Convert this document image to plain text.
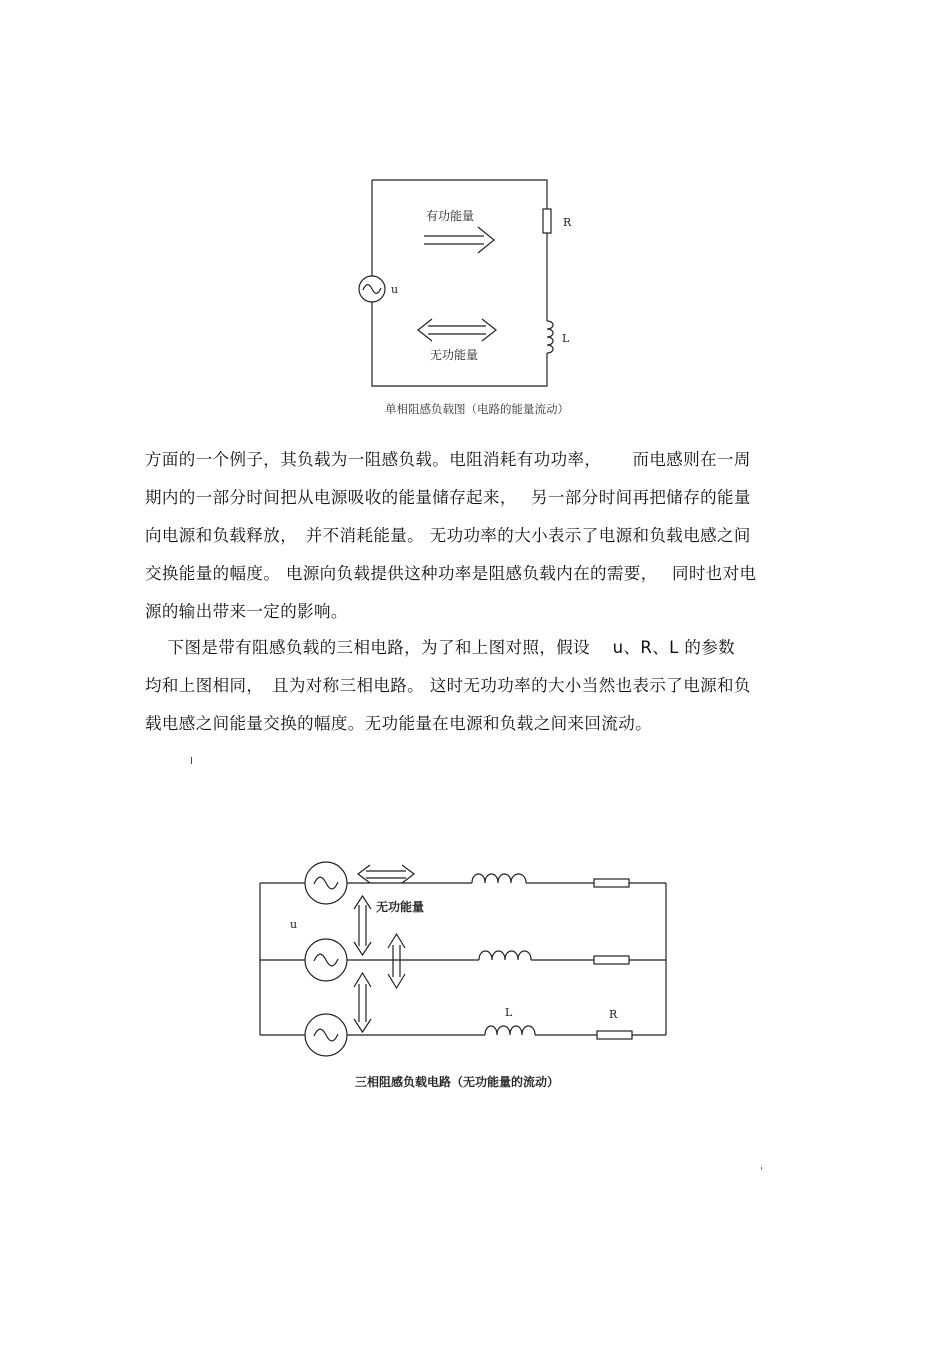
有功能量
无功能量
u
R
L
单相阻感负载图（电路的能量流动）

方面的一个例子，其负载为一阻感负载。电阻消耗有功功率，　　 而电感则在一周
期内的一部分时间把从电源吸收的能量储存起来，　 另一部分时间再把储存的能量
向电源和负载释放，　并不消耗能量。 无功功率的大小表示了电源和负载电感之间
交换能量的幅度。 电源向负载提供这种功率是阻感负载内在的需要，　 同时也对电
源的输出带来一定的影响。

　 下图是带有阻感负载的三相电路，为了和上图对照，假设　 u、R、L 的参数
均和上图相同，　且为对称三相电路。 这时无功功率的大小当然也表示了电源和负
载电感之间能量交换的幅度。无功能量在电源和负载之间来回流动。

I
无功能量
u
L	R
三相阻感负载电路（无功能量的流动）
'
